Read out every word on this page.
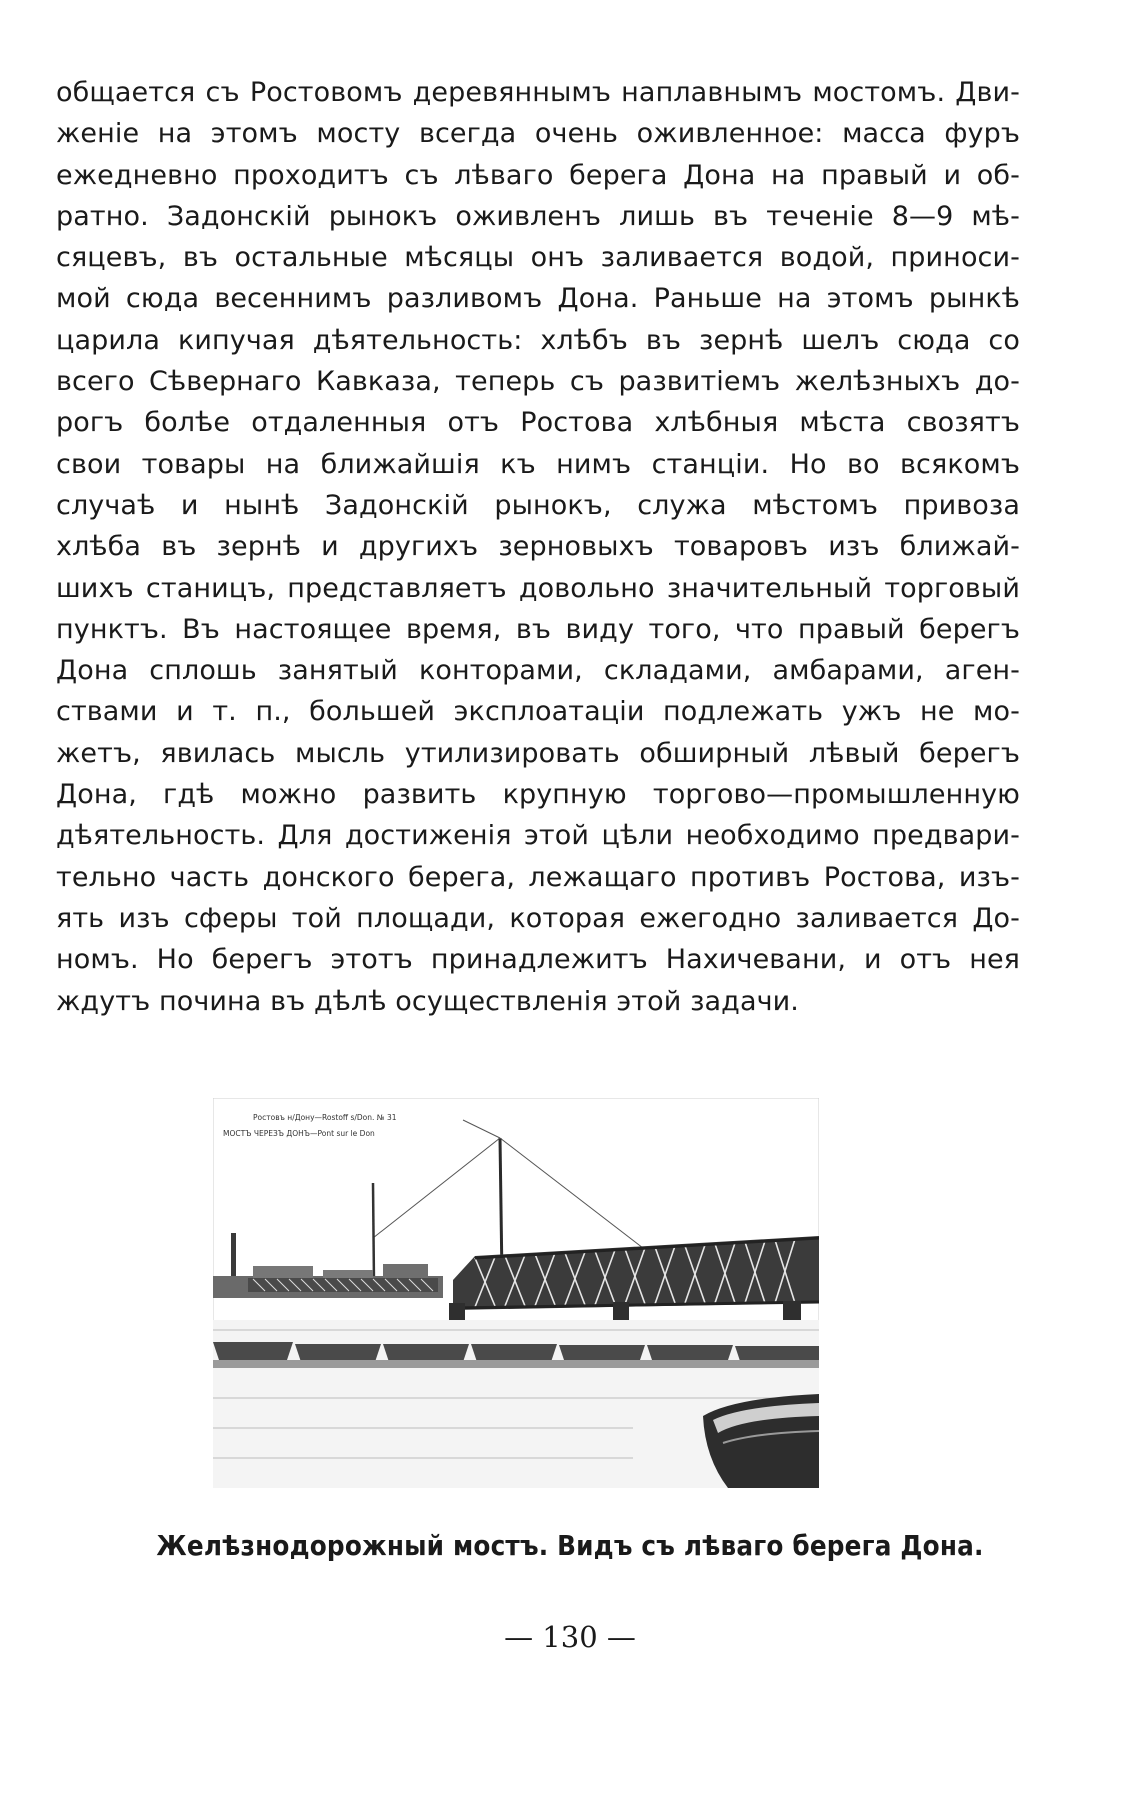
общается съ Ростовомъ деревяннымъ наплавнымъ мостомъ. Дви-
женіе на этомъ мосту всегда очень оживленное: масса фуръ
ежедневно проходитъ съ лѣваго берега Дона на правый и об-
ратно. Задонскій рынокъ оживленъ лишь въ теченіе 8—9 мѣ-
сяцевъ, въ остальные мѣсяцы онъ заливается водой, приноси-
мой сюда весеннимъ разливомъ Дона. Раньше на этомъ рынкѣ
царила кипучая дѣятельность: хлѣбъ въ зернѣ шелъ сюда со
всего Сѣвернаго Кавказа, теперь съ развитіемъ желѣзныхъ до-
рогъ болѣе отдаленныя отъ Ростова хлѣбныя мѣста свозятъ
свои товары на ближайшія къ нимъ станціи. Но во всякомъ
случаѣ и нынѣ Задонскій рынокъ, служа мѣстомъ привоза
хлѣба въ зернѣ и другихъ зерновыхъ товаровъ изъ ближай-
шихъ станицъ, представляетъ довольно значительный торговый
пунктъ. Въ настоящее время, въ виду того, что правый берегъ
Дона сплошь занятый конторами, складами, амбарами, аген-
ствами и т. п., большей эксплоатаціи подлежать ужъ не мо-
жетъ, явилась мысль утилизировать обширный лѣвый берегъ
Дона, гдѣ можно развить крупную торгово—промышленную
дѣятельность. Для достиженія этой цѣли необходимо предвари-
тельно часть донского берега, лежащаго противъ Ростова, изъ-
ять изъ сферы той площади, которая ежегодно заливается До-
номъ. Но берегъ этотъ принадлежитъ Нахичевани, и отъ нея
ждутъ почина въ дѣлѣ осуществленія этой задачи.
Ростовъ н/Дону—Rostoff s/Don. № 31
МОСТЪ ЧЕРЕЗЪ ДОНЪ—Pont sur le Don
Желѣзнодорожный мостъ. Видъ съ лѣваго берега Дона.
— 130 —
